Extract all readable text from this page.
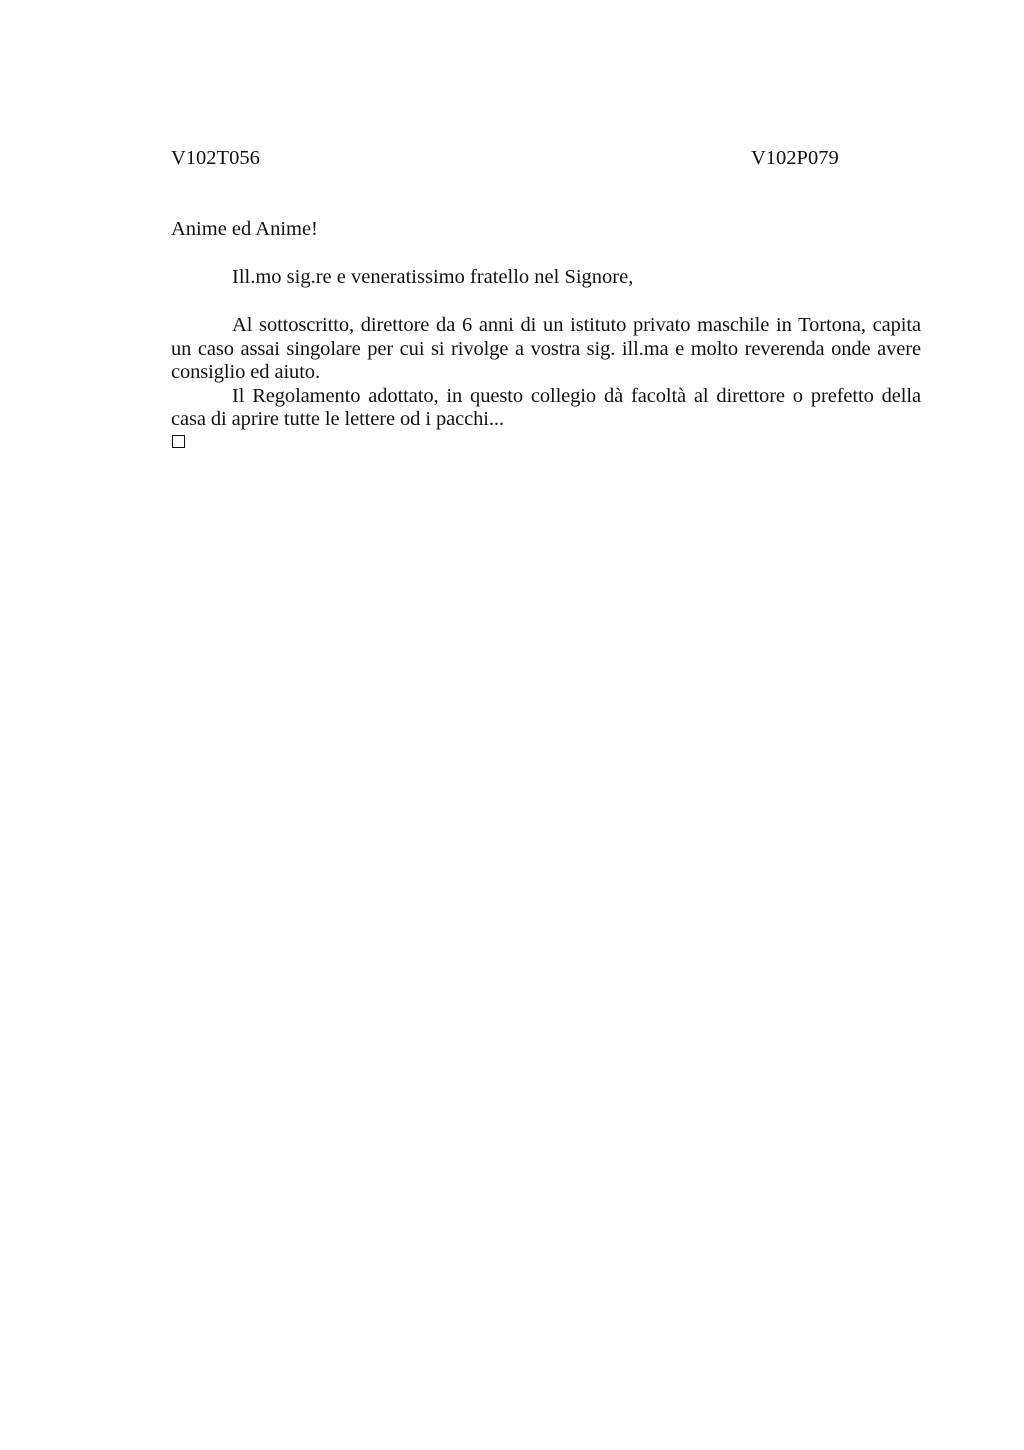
V102T056	V102P079
Anime ed Anime!
Ill.mo sig.re e veneratissimo fratello nel Signore,

Al sottoscritto, direttore da 6 anni di un istituto privato maschile in Tortona, capita un caso assai singolare per cui si rivolge a vostra sig. ill.ma e molto reverenda onde avere consiglio ed aiuto.

Il Regolamento adottato, in questo collegio dà facoltà al direttore o prefetto della casa di aprire tutte le lettere od i pacchi...
